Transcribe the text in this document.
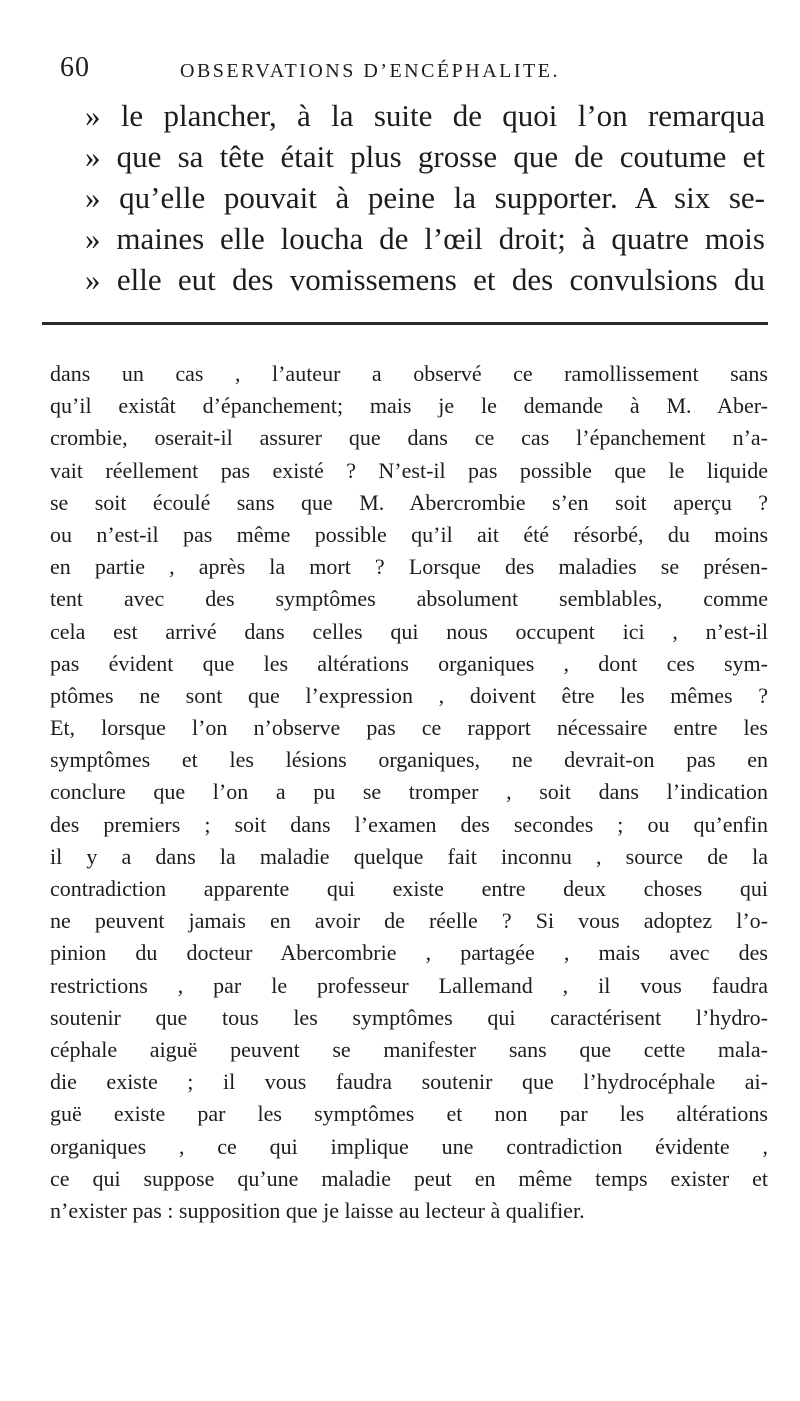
60	OBSERVATIONS D’ENCÉPHALITE.
» le plancher, à la suite de quoi l’on remarqua
» que sa tête était plus grosse que de coutume et
» qu’elle pouvait à peine la supporter. A six se-
» maines elle loucha de l’œil droit; à quatre mois
» elle eut des vomissemens et des convulsions du
dans un cas , l’auteur a observé ce ramollissement sans
qu’il existât d’épanchement; mais je le demande à M. Aber-
crombie, oserait-il assurer que dans ce cas l’épanchement n’a-
vait réellement pas existé ? N’est-il pas possible que le liquide
se soit écoulé sans que M. Abercrombie s’en soit aperçu ?
ou n’est-il pas même possible qu’il ait été résorbé, du moins
en partie , après la mort ? Lorsque des maladies se présen-
tent avec des symptômes absolument semblables, comme
cela est arrivé dans celles qui nous occupent ici , n’est-il
pas évident que les altérations organiques , dont ces sym-
ptômes ne sont que l’expression , doivent être les mêmes ?
Et, lorsque l’on n’observe pas ce rapport nécessaire entre les
symptômes et les lésions organiques, ne devrait-on pas en
conclure que l’on a pu se tromper , soit dans l’indication
des premiers ; soit dans l’examen des secondes ; ou qu’enfin
il y a dans la maladie quelque fait inconnu , source de la
contradiction apparente qui existe entre deux choses qui
ne peuvent jamais en avoir de réelle ? Si vous adoptez l’o-
pinion du docteur Abercombrie , partagée , mais avec des
restrictions , par le professeur Lallemand , il vous faudra
soutenir que tous les symptômes qui caractérisent l’hydro-
céphale aiguë peuvent se manifester sans que cette mala-
die existe ; il vous faudra soutenir que l’hydrocéphale ai-
guë existe par les symptômes et non par les altérations
organiques , ce qui implique une contradiction évidente ,
ce qui suppose qu’une maladie peut en même temps exister et
n’exister pas : supposition que je laisse au lecteur à qualifier.
